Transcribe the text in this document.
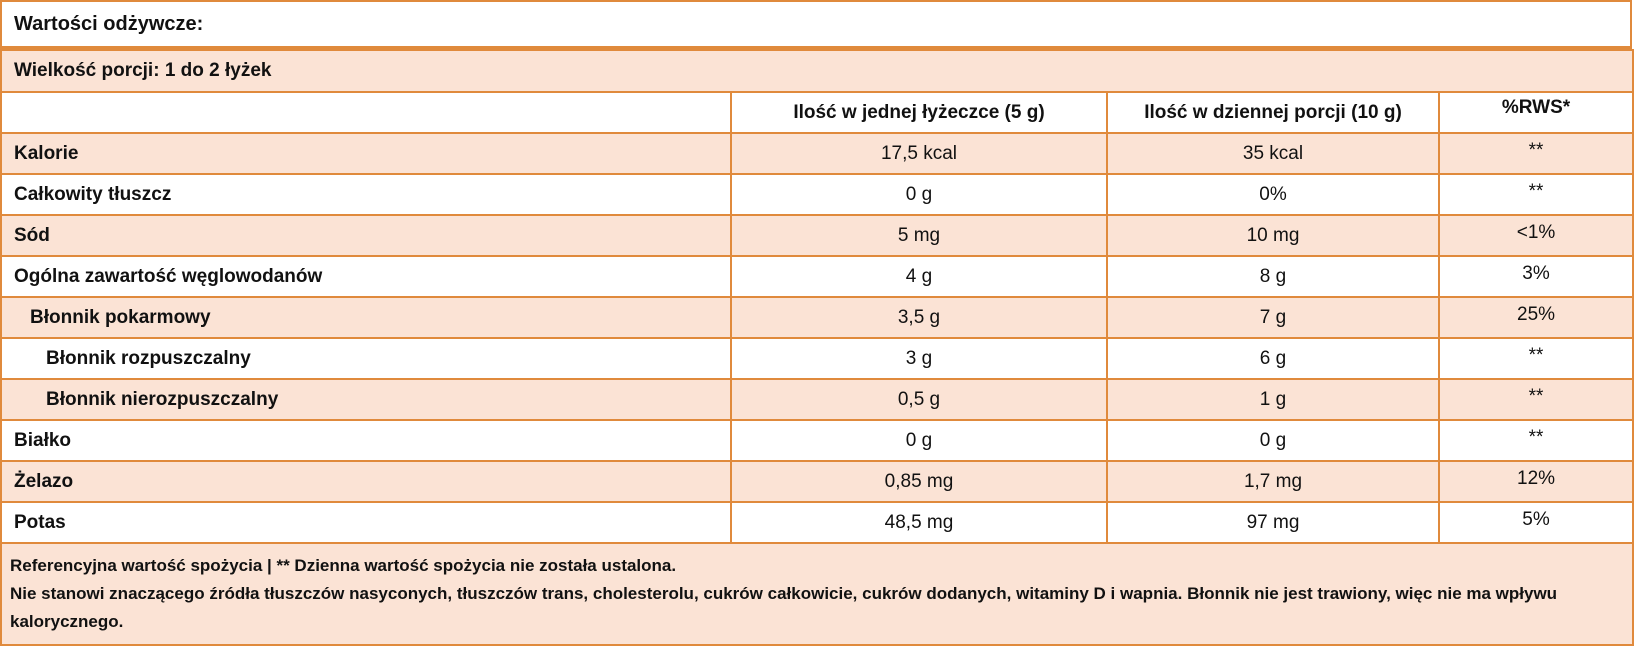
Wartości odżywcze:
Wielkość porcji: 1 do 2 łyżek			
	Ilość w jednej łyżeczce (5 g)	Ilość w dziennej porcji (10 g)	%RWS*
Kalorie	17,5 kcal	35 kcal	**
Całkowity tłuszcz	0 g	0%	**
Sód	5 mg	10 mg	<1%
Ogólna zawartość węglowodanów	4 g	8 g	3%
Błonnik pokarmowy	3,5 g	7 g	25%
Błonnik rozpuszczalny	3 g	6 g	**
Błonnik nierozpuszczalny	0,5 g	1 g	**
Białko	0 g	0 g	**
Żelazo	0,85 mg	1,7 mg	12%
Potas	48,5 mg	97 mg	5%

Referencyjna wartość spożycia | ** Dzienna wartość spożycia nie została ustalona.
Nie stanowi znaczącego źródła tłuszczów nasyconych, tłuszczów trans, cholesterolu, cukrów całkowicie, cukrów dodanych, witaminy D i wapnia. Błonnik nie jest trawiony, więc nie ma wpływu kalorycznego.			
